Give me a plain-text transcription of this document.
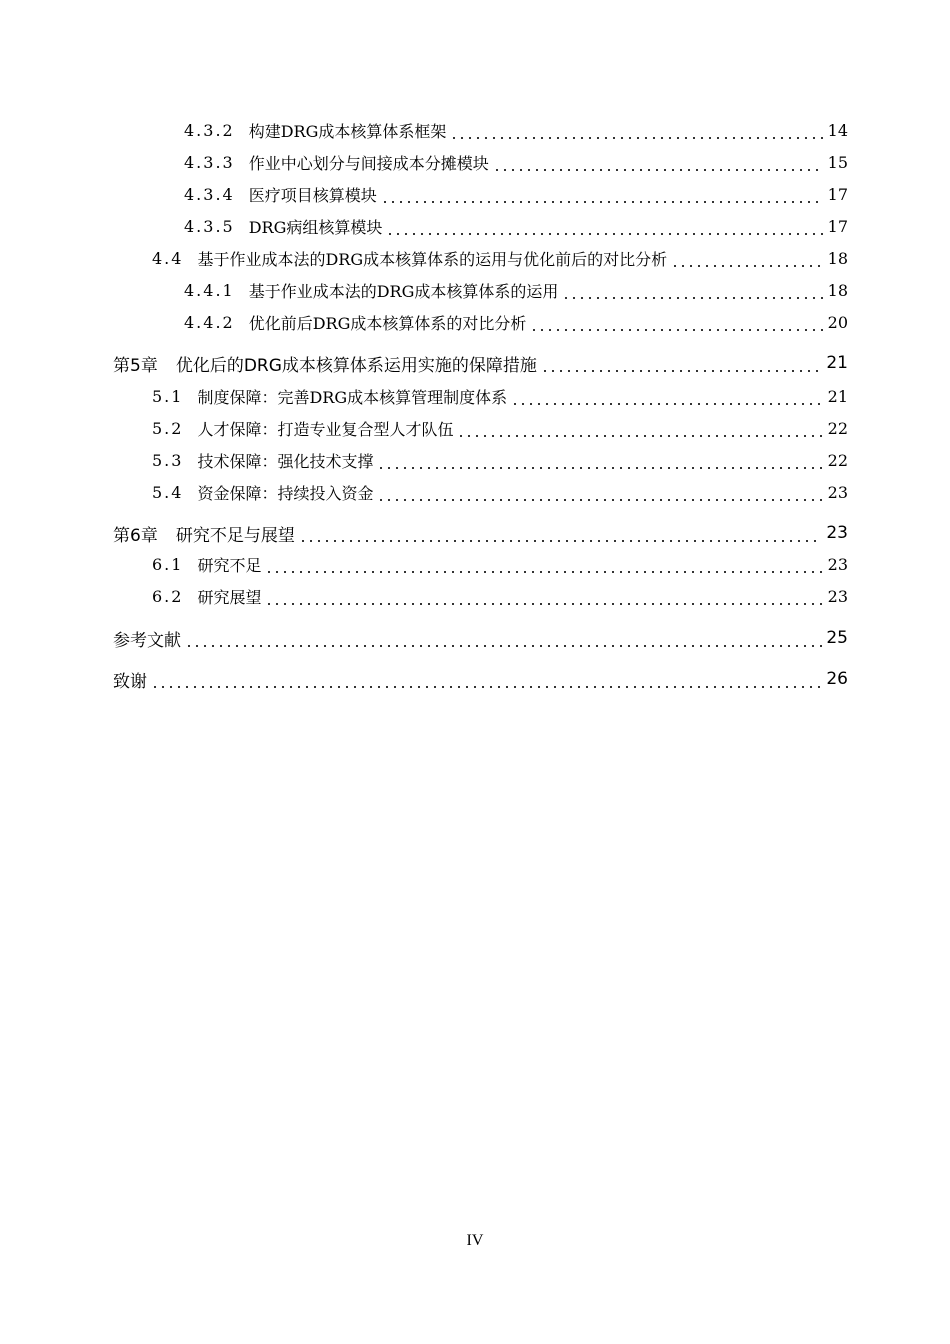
4.3.2 构建DRG成本核算体系框架	14
4.3.3 作业中心划分与间接成本分摊模块	15
4.3.4 医疗项目核算模块	17
4.3.5 DRG病组核算模块	17
4.4 基于作业成本法的DRG成本核算体系的运用与优化前后的对比分析	18
4.4.1 基于作业成本法的DRG成本核算体系的运用	18
4.4.2 优化前后DRG成本核算体系的对比分析	20
第5章 优化后的DRG成本核算体系运用实施的保障措施	21
5.1 制度保障：完善DRG成本核算管理制度体系	21
5.2 人才保障：打造专业复合型人才队伍	22
5.3 技术保障：强化技术支撑	22
5.4 资金保障：持续投入资金	23
第6章 研究不足与展望	23
6.1 研究不足	23
6.2 研究展望	23
参考文献	25
致谢	26
IV
